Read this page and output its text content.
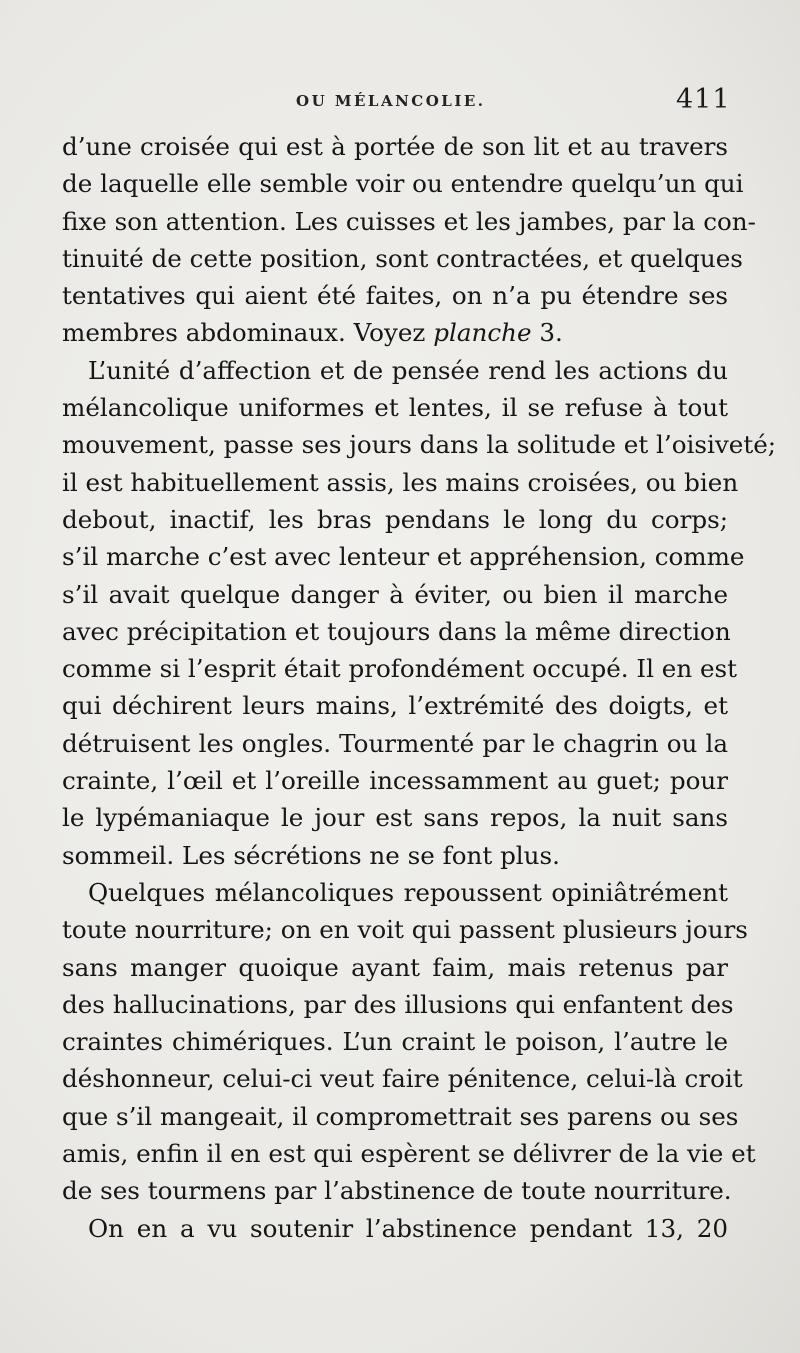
OU MÉLANCOLIE.	411
d’une croisée qui est à portée de son lit et au travers
de laquelle elle semble voir ou entendre quelqu’un qui
fixe son attention. Les cuisses et les jambes, par la con-
tinuité de cette position, sont contractées, et quelques
tentatives qui aient été faites, on n’a pu étendre ses
membres abdominaux. Voyez planche 3.
L’unité d’affection et de pensée rend les actions du
mélancolique uniformes et lentes, il se refuse à tout
mouvement, passe ses jours dans la solitude et l’oisiveté;
il est habituellement assis, les mains croisées, ou bien
debout, inactif, les bras pendans le long du corps;
s’il marche c’est avec lenteur et appréhension, comme
s’il avait quelque danger à éviter, ou bien il marche
avec précipitation et toujours dans la même direction
comme si l’esprit était profondément occupé. Il en est
qui déchirent leurs mains, l’extrémité des doigts, et
détruisent les ongles. Tourmenté par le chagrin ou la
crainte, l’œil et l’oreille incessamment au guet; pour
le lypémaniaque le jour est sans repos, la nuit sans
sommeil. Les sécrétions ne se font plus.
Quelques mélancoliques repoussent opiniâtrément
toute nourriture; on en voit qui passent plusieurs jours
sans manger quoique ayant faim, mais retenus par
des hallucinations, par des illusions qui enfantent des
craintes chimériques. L’un craint le poison, l’autre le
déshonneur, celui-ci veut faire pénitence, celui-là croit
que s’il mangeait, il compromettrait ses parens ou ses
amis, enfin il en est qui espèrent se délivrer de la vie et
de ses tourmens par l’abstinence de toute nourriture.
On en a vu soutenir l’abstinence pendant 13, 20
